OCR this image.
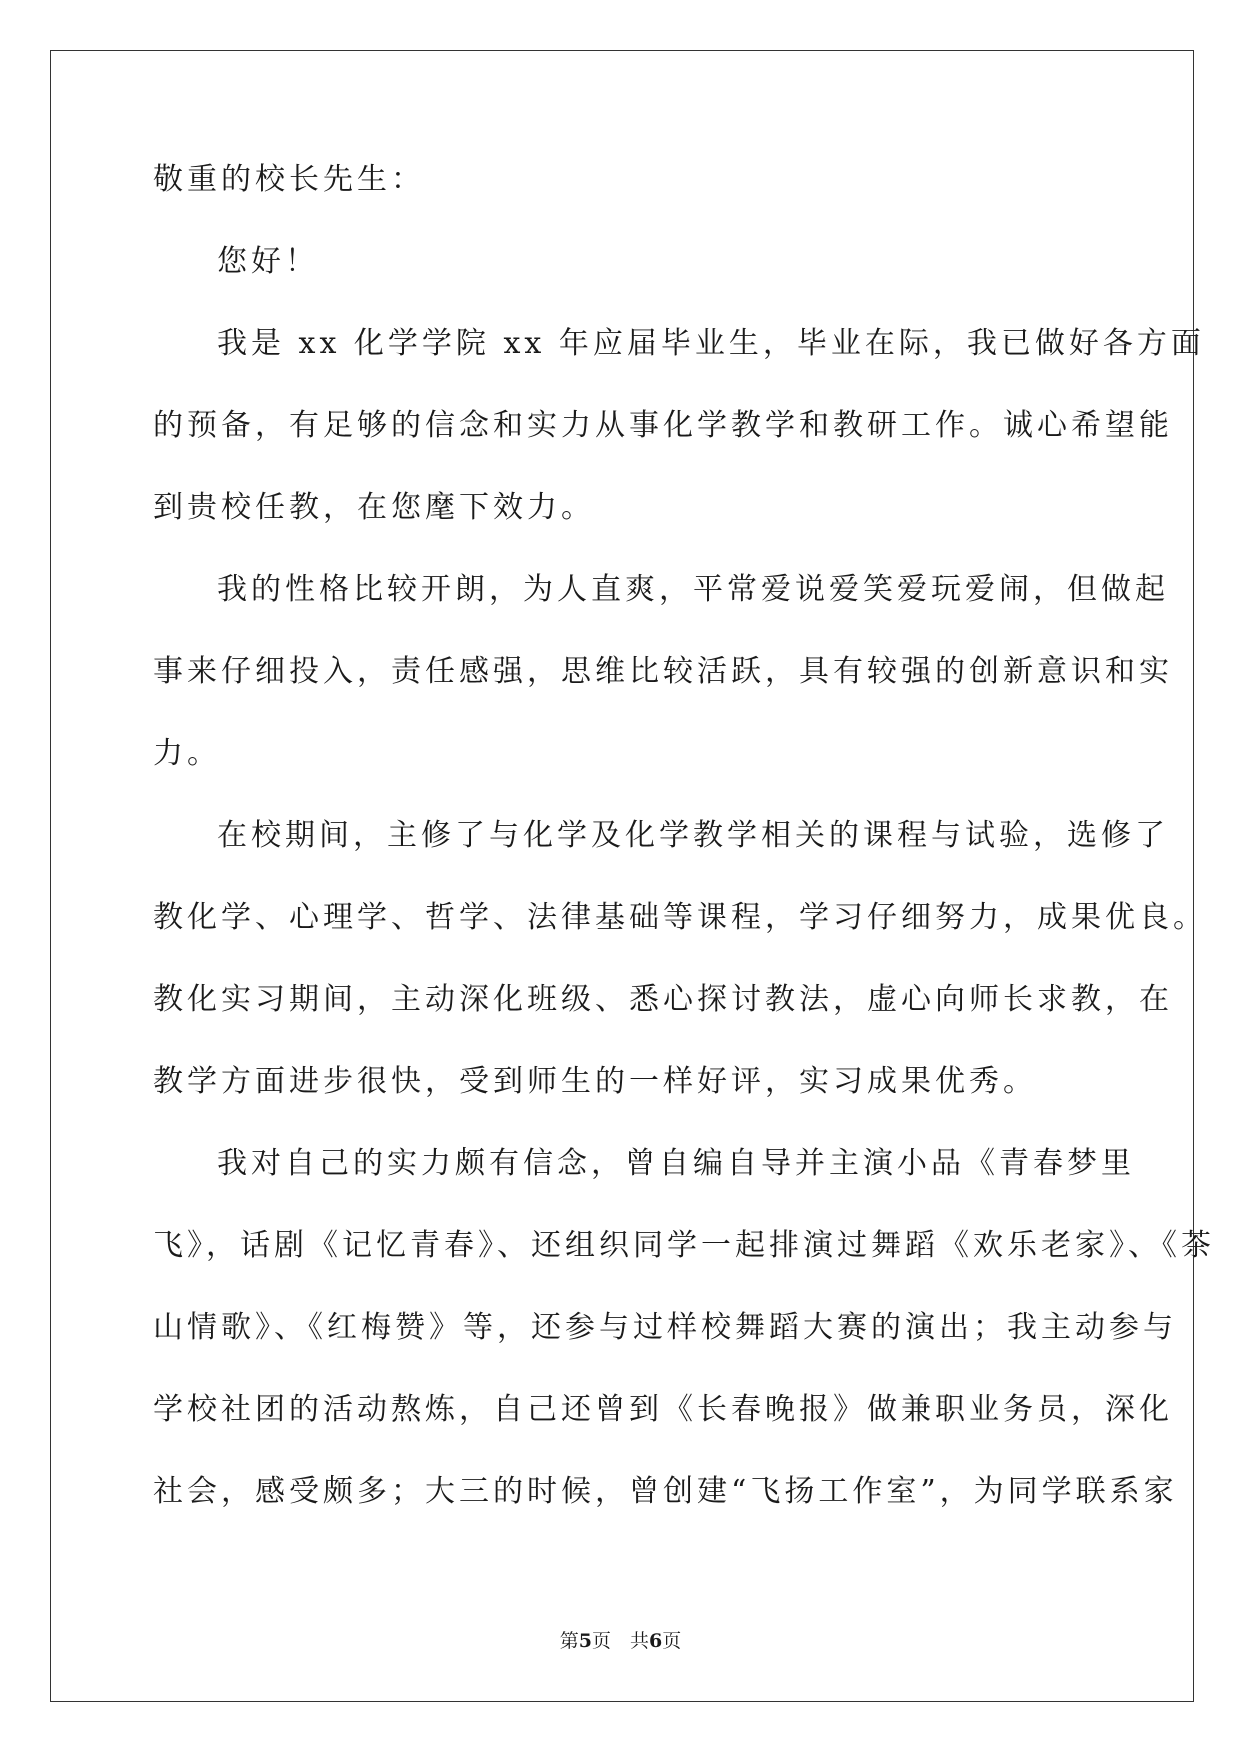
敬重的校长先生：
您好！
我是 xx 化学学院 xx 年应届毕业生，毕业在际，我已做好各方面
的预备，有足够的信念和实力从事化学教学和教研工作。诚心希望能
到贵校任教，在您麾下效力。
我的性格比较开朗，为人直爽，平常爱说爱笑爱玩爱闹，但做起
事来仔细投入，责任感强，思维比较活跃，具有较强的创新意识和实
力。
在校期间，主修了与化学及化学教学相关的课程与试验，选修了
教化学、心理学、哲学、法律基础等课程，学习仔细努力，成果优良。
教化实习期间，主动深化班级、悉心探讨教法，虚心向师长求教，在
教学方面进步很快，受到师生的一样好评，实习成果优秀。
我对自己的实力颇有信念，曾自编自导并主演小品《青春梦里
飞》，话剧《记忆青春》、还组织同学一起排演过舞蹈《欢乐老家》、《茶
山情歌》、《红梅赞》等，还参与过样校舞蹈大赛的演出；我主动参与
学校社团的活动熬炼，自己还曾到《长春晚报》做兼职业务员，深化
社会，感受颇多；大三的时候，曾创建“飞扬工作室”，为同学联系家
第5页　共6页
